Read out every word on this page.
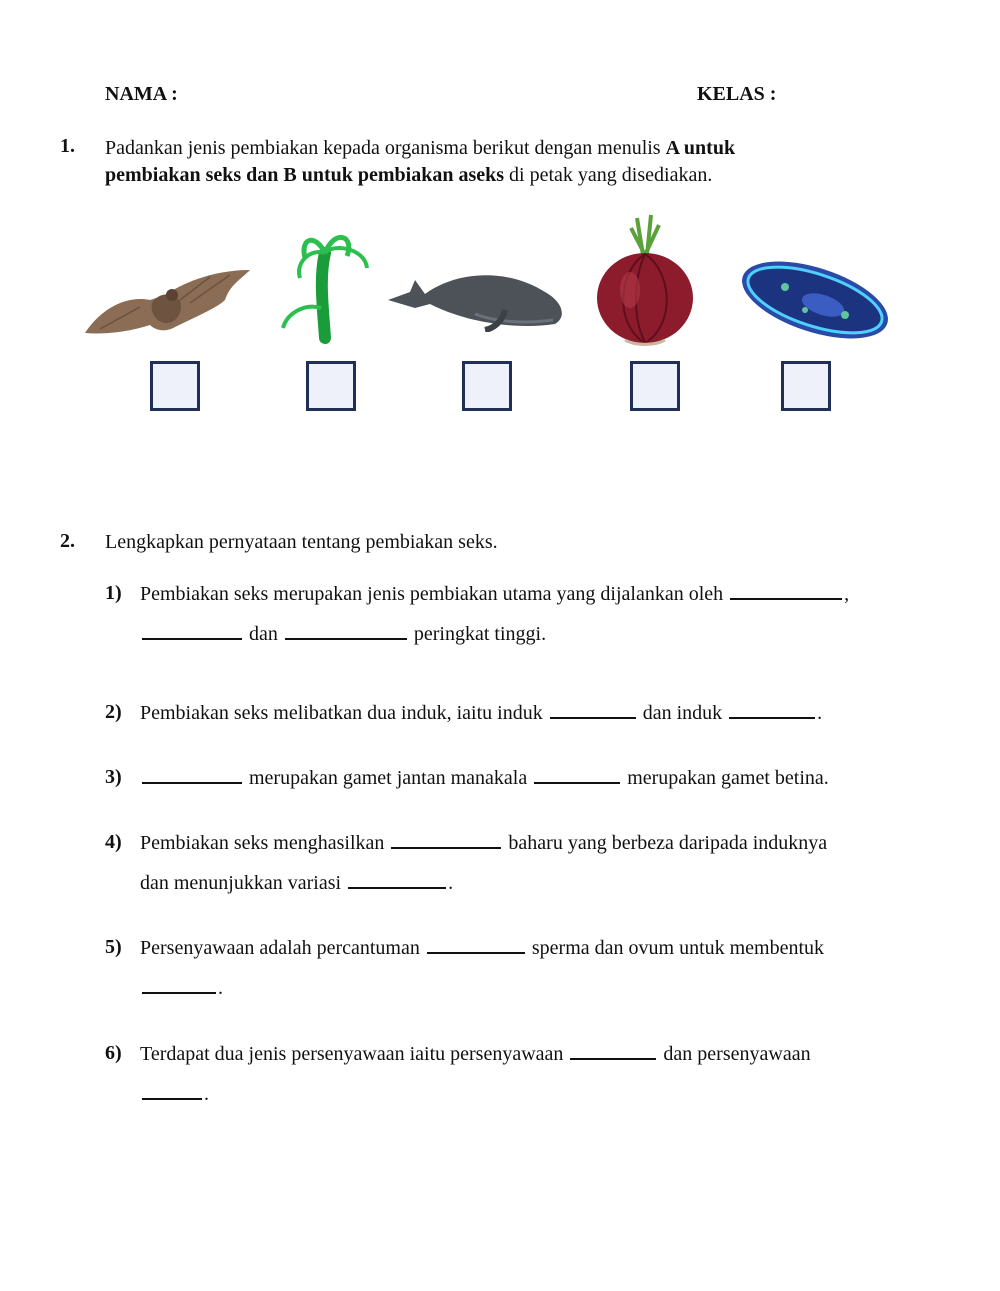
NAMA :	KELAS :
1. Padankan jenis pembiakan kepada organisma berikut dengan menulis A untuk
pembiakan seks dan B untuk pembiakan aseks di petak yang disediakan.
2. Lengkapkan pernyataan tentang pembiakan seks.
1) Pembiakan seks merupakan jenis pembiakan utama yang dijalankan oleh	,
dan	peringkat tinggi.
2) Pembiakan seks melibatkan dua induk, iaitu induk	dan induk	.
3)	merupakan gamet jantan manakala	merupakan gamet betina.
4) Pembiakan seks menghasilkan	baharu yang berbeza daripada induknya
dan menunjukkan variasi	.
5) Persenyawaan adalah percantuman	sperma dan ovum untuk membentuk
.
6) Terdapat dua jenis persenyawaan iaitu persenyawaan	dan persenyawaan
.
